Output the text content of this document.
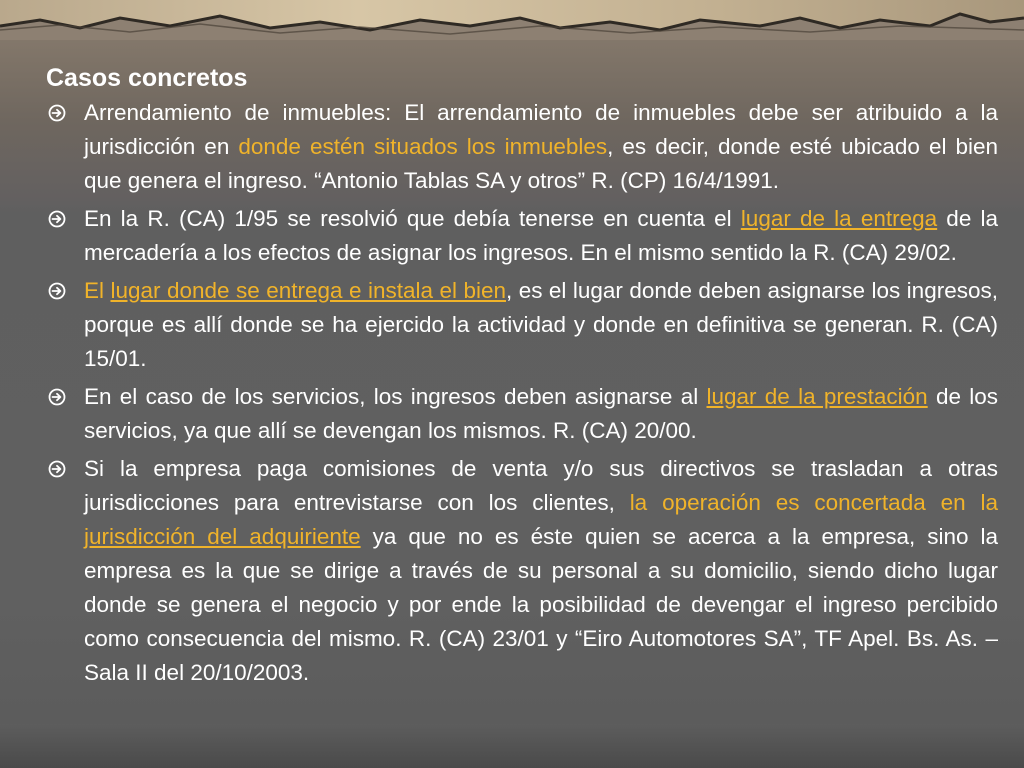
Casos concretos
Arrendamiento de inmuebles: El arrendamiento de inmuebles debe ser atribuido a la jurisdicción en donde estén situados los inmuebles, es decir, donde esté ubicado el bien que genera el ingreso. “Antonio Tablas SA y otros” R. (CP) 16/4/1991.
En la R. (CA) 1/95 se resolvió que debía tenerse en cuenta el lugar de la entrega de la mercadería a los efectos de asignar los ingresos. En el mismo sentido la R. (CA) 29/02.
El lugar donde se entrega e instala el bien, es el lugar donde deben asignarse los ingresos, porque es allí donde se ha ejercido la actividad y donde en definitiva se generan. R. (CA) 15/01.
En el caso de los servicios, los ingresos deben asignarse al lugar de la prestación de los servicios, ya que allí se devengan los mismos. R. (CA) 20/00.
Si la empresa paga comisiones de venta y/o sus directivos se trasladan a otras jurisdicciones para entrevistarse con los clientes, la operación es concertada en la jurisdicción del adquiriente ya que no es éste quien se acerca a la empresa, sino la empresa es la que se dirige a través de su personal a su domicilio, siendo dicho lugar donde se genera el negocio y por ende la posibilidad de devengar el ingreso percibido como consecuencia del mismo. R. (CA) 23/01 y “Eiro Automotores SA”, TF Apel. Bs. As. – Sala II del 20/10/2003.
